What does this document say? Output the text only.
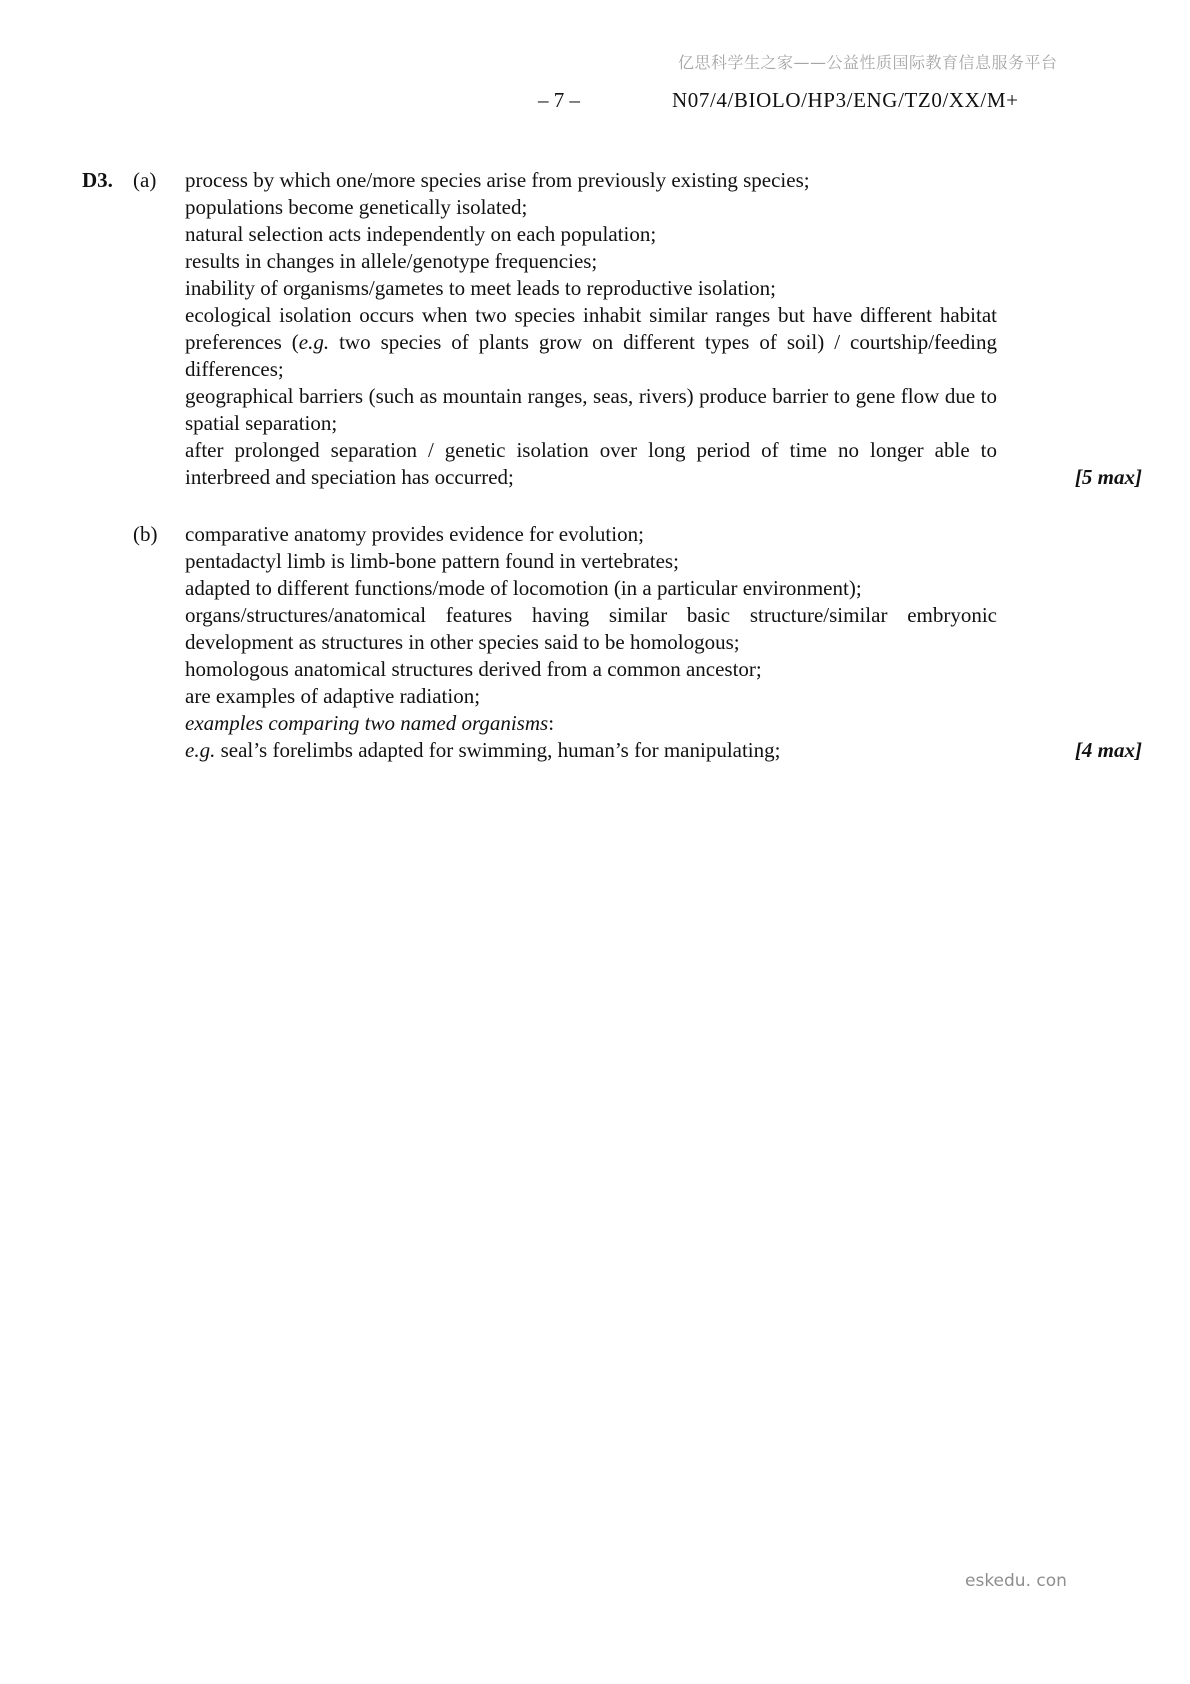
亿思科学生之家——公益性质国际教育信息服务平台
– 7 –	N07/4/BIOLO/HP3/ENG/TZ0/XX/M+
D3. (a)	process by which one/more species arise from previously existing species;
populations become genetically isolated;
natural selection acts independently on each population;
results in changes in allele/genotype frequencies;
inability of organisms/gametes to meet leads to reproductive isolation;
ecological isolation occurs when two species inhabit similar ranges but have different habitat preferences (e.g. two species of plants grow on different types of soil) / courtship/feeding differences;
geographical barriers (such as mountain ranges, seas, rivers) produce barrier to gene flow due to spatial separation;
after prolonged separation / genetic isolation over long period of time no longer able to interbreed and speciation has occurred;	[5 max]
(b)	comparative anatomy provides evidence for evolution;
pentadactyl limb is limb-bone pattern found in vertebrates;
adapted to different functions/mode of locomotion (in a particular environment);
organs/structures/anatomical features having similar basic structure/similar embryonic development as structures in other species said to be homologous;
homologous anatomical structures derived from a common ancestor;
are examples of adaptive radiation;
examples comparing two named organisms:
e.g. seal’s forelimbs adapted for swimming, human’s for manipulating;	[4 max]
eskedu. con
